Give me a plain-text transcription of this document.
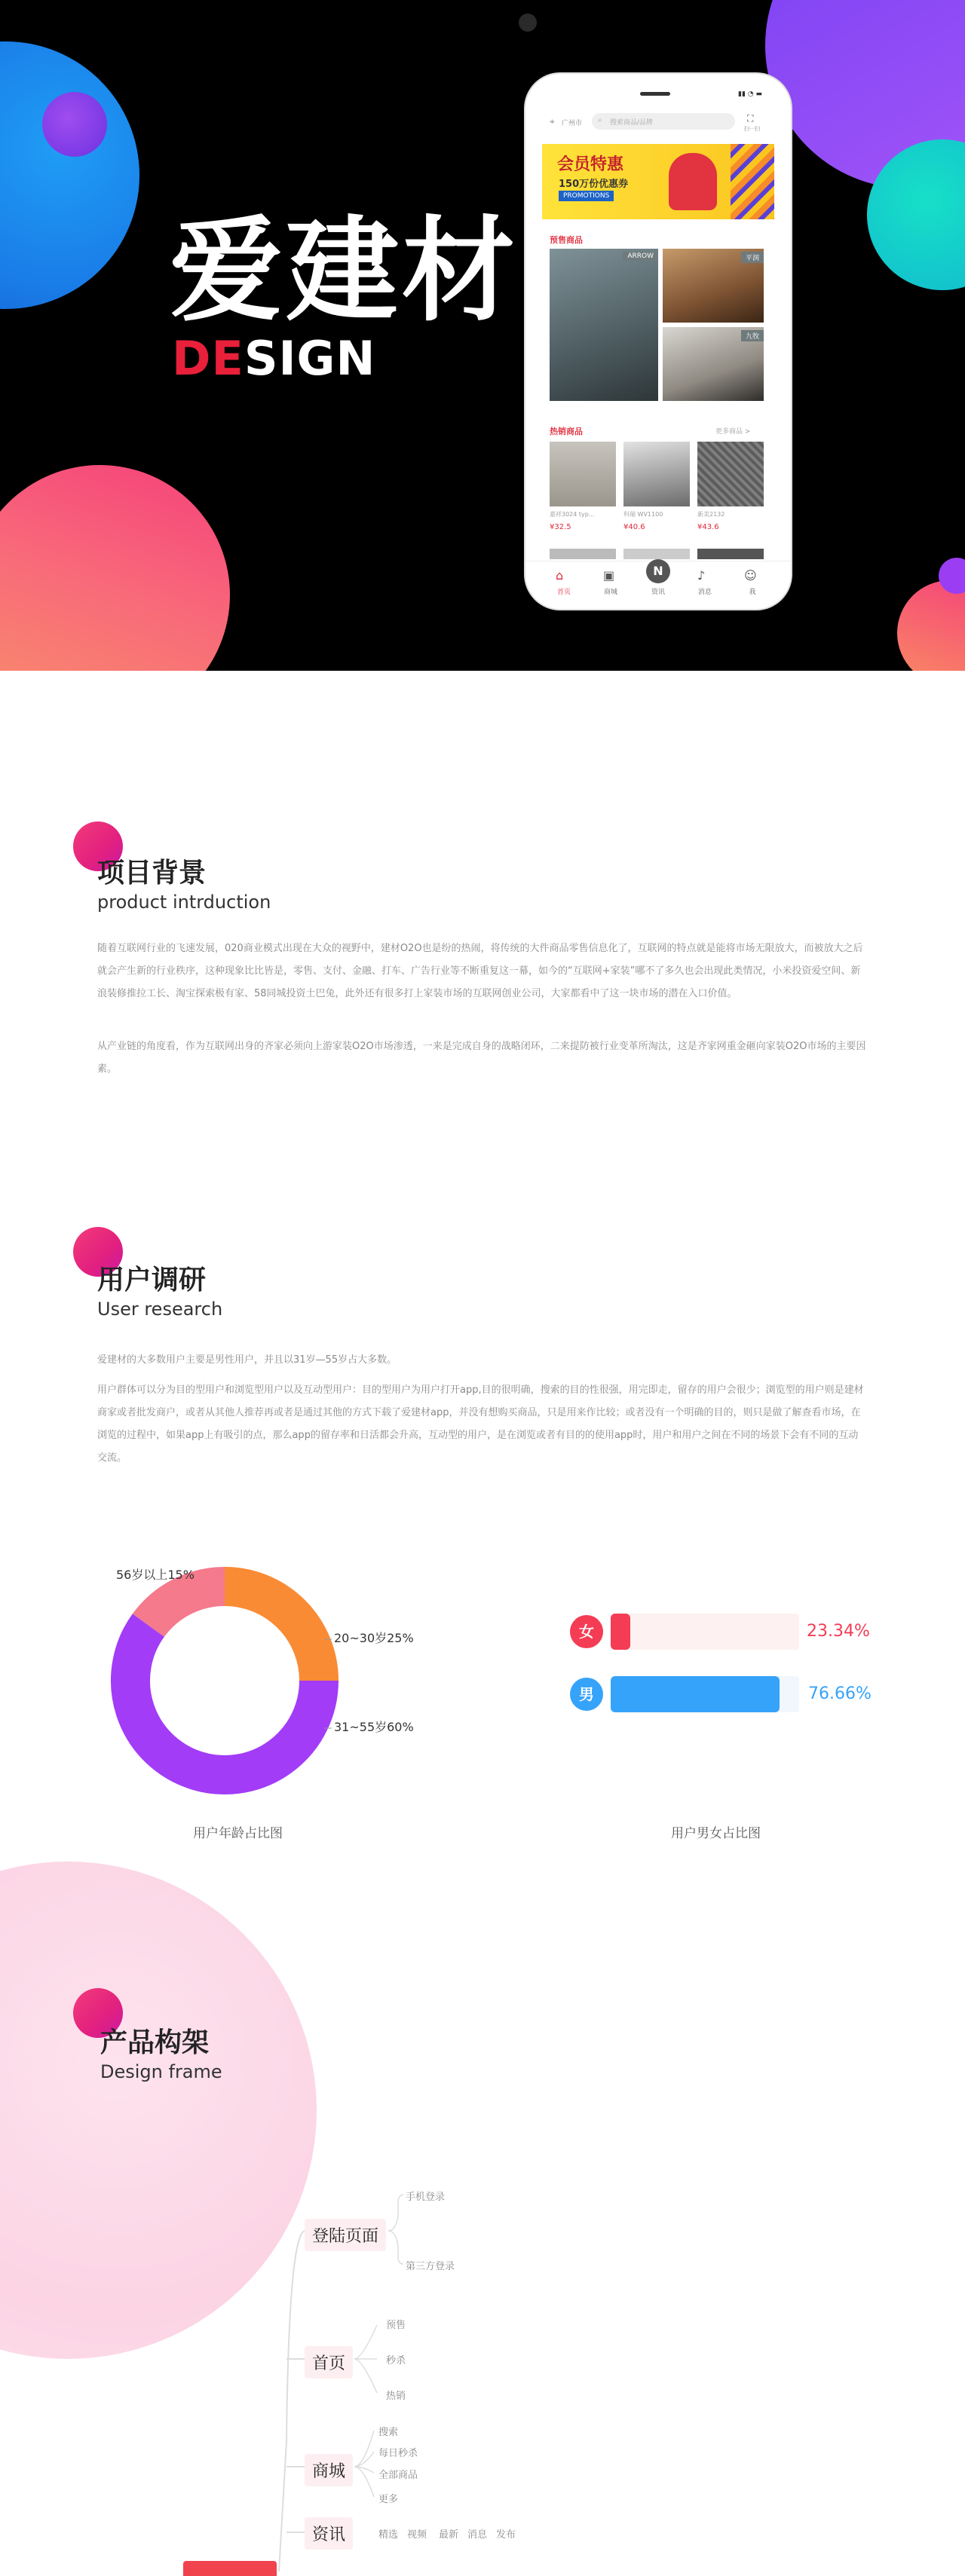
爱建材
DESIGN
▮▮ ◔ ▬
⌖ 广州市 ⌕ 搜索商品/品牌	⛶
扫一扫
会员特惠
150万份优惠券
PROMOTIONS
预售商品
ARROW	平润
九牧
热销商品	更多商品 >
嘉祥3024 typ...	科瑞 WV1100	新美2132
¥32.5	¥40.6	¥43.6
⌂
首页
▣
商城
N
资讯
♪
消息
☺
我
项目背景
product intrduction
随着互联网行业的飞速发展，020商业模式出现在大众的视野中，建材O2O也是纷的热闹，将传统的大件商品零售信息化了，互联网的特点就是能将市场无限放大，而被放大之后就会产生新的行业秩序，这种现象比比皆是，零售、支付、金融、打车、广告行业等不断重复这一幕，如今的“互联网+家装”哪不了多久也会出现此类情况，小米投资爱空间、新浪装修推拉工长、淘宝探索极有家、58同城投资土巴兔，此外还有很多打上家装市场的互联网创业公司，大家都看中了这一块市场的潜在入口价值。
从产业链的角度看，作为互联网出身的齐家必须向上游家装O2O市场渗透，一来是完成自身的战略闭环，二来提防被行业变革所淘汰，这是齐家网重金砸向家装O2O市场的主要因素。
用户调研
User research
爱建材的大多数用户主要是男性用户，并且以31岁—55岁占大多数。
用户群体可以分为目的型用户和浏览型用户以及互动型用户：目的型用户为用户打开app,目的很明确，搜索的目的性很强，用完即走，留存的用户会很少；浏览型的用户则是建材商家或者批发商户，或者从其他人推荐再或者是通过其他的方式下载了爱建材app，并没有想购买商品，只是用来作比较；或者没有一个明确的目的，则只是做了解查看市场，在浏览的过程中，如果app上有吸引的点，那么app的留存率和日活都会升高，互动型的用户，是在浏览或者有目的的使用app时，用户和用户之间在不同的场景下会有不同的互动交流。
56岁以上15%
20~30岁25%
31~55岁60%
用户年龄占比图
女	23.34%
男	76.66%
用户男女占比图
产品构架
Design frame
登陆页面
手机登录
第三方登录
首页
预售
秒杀
热销
商城
搜索
每日秒杀
全部商品
更多
资讯	精选 视频 最新 消息 发布
